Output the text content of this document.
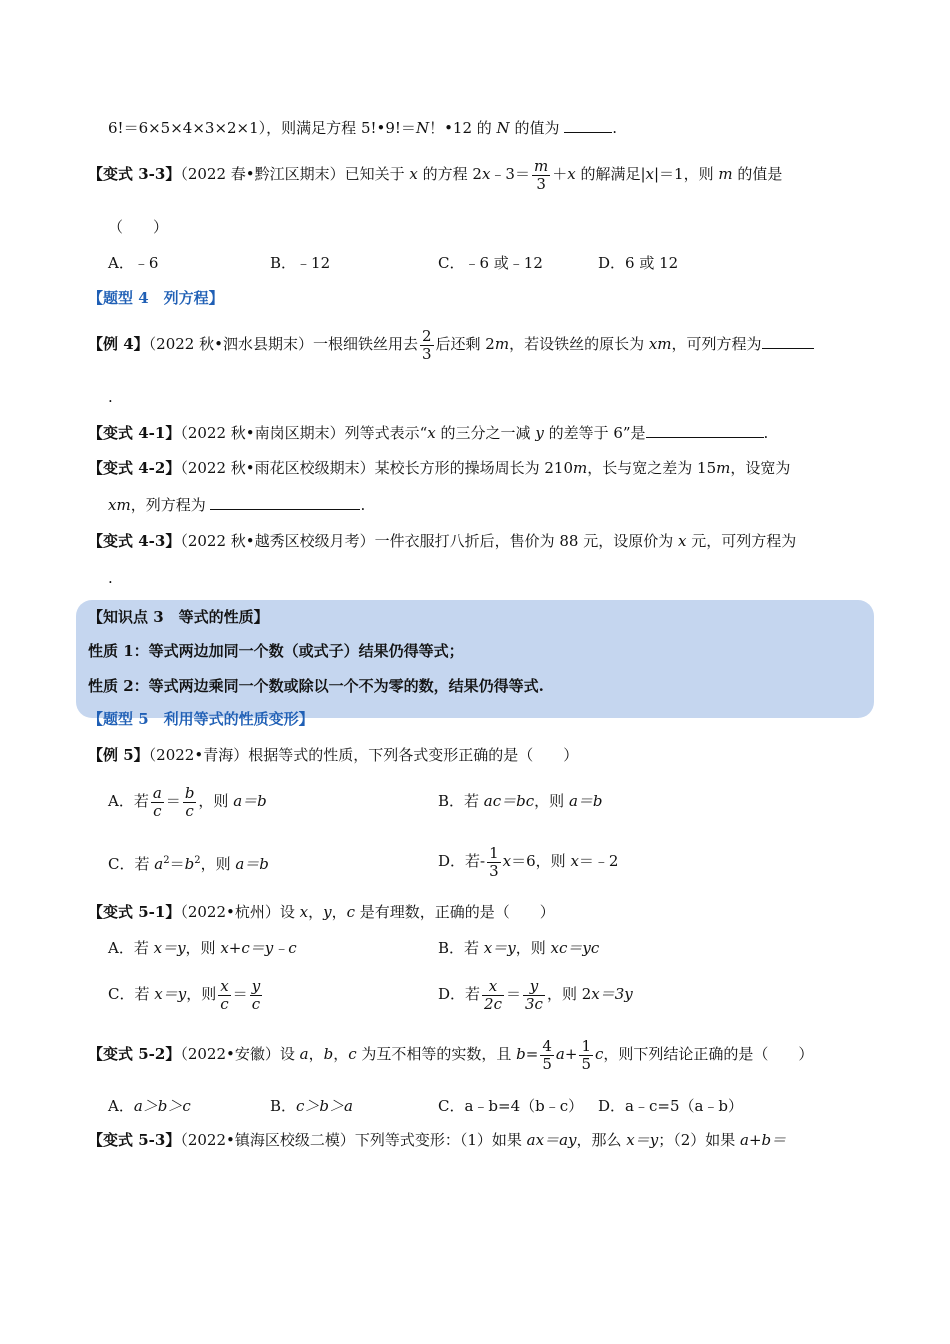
6!＝6×5×4×3×2×1），则满足方程 5!•9!＝N！•12 的 N 的值为	.
【变式 3-3】（2022 春•黔江区期末）已知关于 x 的方程 2x﹣3＝ $\frac{m}{3} +x$ 的解满足|x|＝1，则 m 的值是
（　　）
A．﹣6	B．﹣12	C．﹣6 或﹣12	D．6 或 12
【题型 4　列方程】
【例 4】（2022 秋•泗水县期末）一根细铁丝用去 $\frac{2}{3}$ 后还剩 2m，若设铁丝的原长为 xm，可列方程为
.
【变式 4-1】（2022 秋•南岗区期末）列等式表示“x 的三分之一减 y 的差等于 6”是	.
【变式 4-2】（2022 秋•雨花区校级期末）某校长方形的操场周长为 210m，长与宽之差为 15m，设宽为
xm，列方程为	.
【变式 4-3】（2022 秋•越秀区校级月考）一件衣服打八折后，售价为 88 元，设原价为 x 元，可列方程为
.
【知识点 3　等式的性质】
性质 1：等式两边加同一个数（或式子）结果仍得等式；
性质 2：等式两边乘同一个数或除以一个不为零的数，结果仍得等式.
【题型 5　利用等式的性质变形】
【例 5】（2022•青海）根据等式的性质，下列各式变形正确的是（　　）
A．若 $\frac{a}{c} = \frac{b}{c}$ ，则 a＝b	B．若 ac＝bc，则 a＝b
C．若 $a^2=b^2$，则 a＝b	D．若- $\frac{1}{3} x=6$，则 x＝﹣2
【变式 5-1】（2022•杭州）设 x，y，c 是有理数，正确的是（　　）
A．若 x＝y，则 x+c＝y﹣c	B．若 x＝y，则 xc＝yc
C．若 x＝y，则 $\frac{x}{c} = \frac{y}{c}$	D．若 $\frac{x}{2c} = \frac{y}{3c}$ ，则 2x＝3y
【变式 5-2】（2022•安徽）设 a，b，c 为互不相等的实数，且 $b= \frac{4}{5} a+ \frac{1}{5}$ c，则下列结论正确的是（　　）
A．a＞b＞c	B．c＞b＞a	C．a﹣b=4（b﹣c） D．a﹣c=5（a﹣b）
【变式 5-3】（2022•镇海区校级二模）下列等式变形：（1）如果 ax＝ay，那么 x＝y；（2）如果 a+b＝
